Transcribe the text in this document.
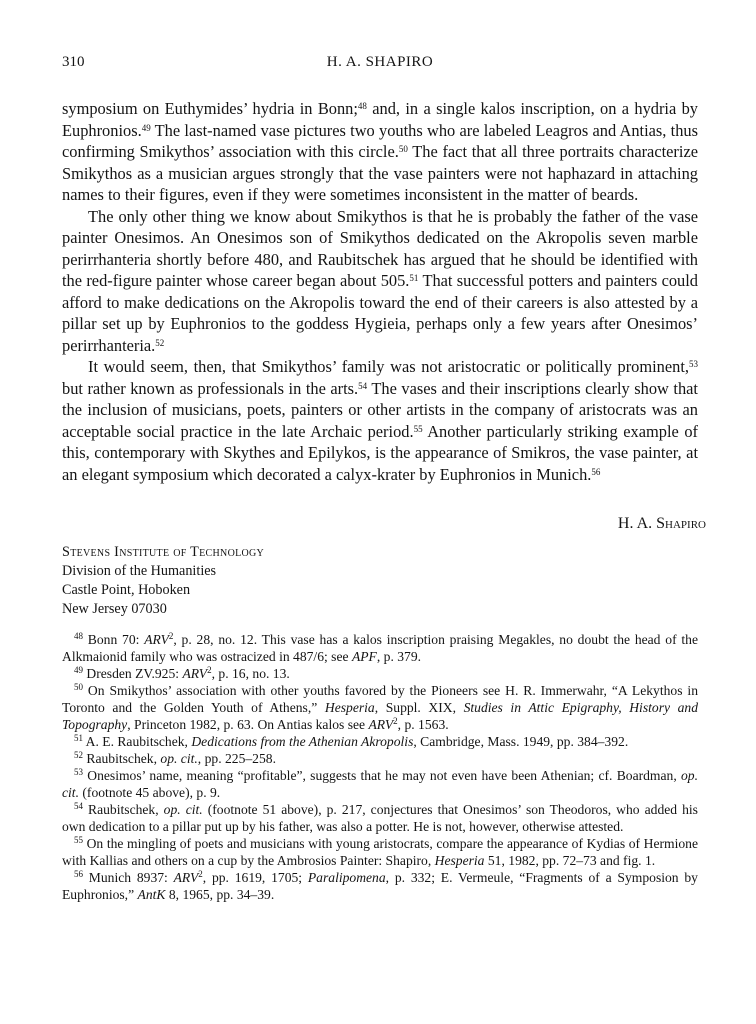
310	H. A. SHAPIRO

symposium on Euthymides’ hydria in Bonn;$^{48}$ and, in a single kalos inscription, on a hydria by Euphronios.$^{49}$ The last-named vase pictures two youths who are labeled Leagros and Antias, thus confirming Smikythos’ association with this circle.$^{50}$ The fact that all three portraits characterize Smikythos as a musician argues strongly that the vase painters were not haphazard in attaching names to their figures, even if they were sometimes inconsistent in the matter of beards.

The only other thing we know about Smikythos is that he is probably the father of the vase painter Onesimos. An Onesimos son of Smikythos dedicated on the Akropolis seven marble perirrhanteria shortly before 480, and Raubitschek has argued that he should be identified with the red-figure painter whose career began about 505.51 That successful potters and painters could afford to make dedications on the Akropolis toward the end of their careers is also attested by a pillar set up by Euphronios to the goddess Hygieia, perhaps only a few years after Onesimos’ perirrhanteria.$^{52}$

It would seem, then, that Smikythos’ family was not aristocratic or politically prominent,$^{53}$ but rather known as professionals in the arts.$^{54}$ The vases and their inscriptions clearly show that the inclusion of musicians, poets, painters or other artists in the company of aristocrats was an acceptable social practice in the late Archaic period.$^{55}$ Another particularly striking example of this, contemporary with Skythes and Epilykos, is the appearance of Smikros, the vase painter, at an elegant symposium which decorated a calyx-krater by Euphronios in Munich.$^{56}$

H. A. Shapiro
Stevens Institute of Technology
Division of the Humanities
Castle Point, Hoboken
New Jersey 07030

$^{48}$ Bonn 70: ARV$^2$, p. 28, no. 12. This vase has a kalos inscription praising Megakles, no doubt the head of the Alkmaionid family who was ostracized in 487/6; see APF, p. 379.

$^{49}$ Dresden ZV.925: ARV$^2$, p. 16, no. 13.

$^{50}$ On Smikythos’ association with other youths favored by the Pioneers see H. R. Immerwahr, “A Lekythos in Toronto and the Golden Youth of Athens,” Hesperia, Suppl. XIX, Studies in Attic Epigraphy, History and Topography, Princeton 1982, p. 63. On Antias kalos see ARV$^2$, p. 1563.

$^{51}$ A. E. Raubitschek, Dedications from the Athenian Akropolis, Cambridge, Mass. 1949, pp. 384–392.

$^{52}$ Raubitschek, op. cit., pp. 225–258.

$^{53}$ Onesimos’ name, meaning “profitable”, suggests that he may not even have been Athenian; cf. Boardman, op. cit. (footnote 45 above), p. 9.

$^{54}$ Raubitschek, op. cit. (footnote 51 above), p. 217, conjectures that Onesimos’ son Theodoros, who added his own dedication to a pillar put up by his father, was also a potter. He is not, however, otherwise attested.

$^{55}$ On the mingling of poets and musicians with young aristocrats, compare the appearance of Kydias of Hermione with Kallias and others on a cup by the Ambrosios Painter: Shapiro, Hesperia 51, 1982, pp. 72–73 and fig. 1.

$^{56}$ Munich 8937: ARV$^2$, pp. 1619, 1705; Paralipomena, p. 332; E. Vermeule, “Fragments of a Symposion by Euphronios,” AntK 8, 1965, pp. 34–39.
